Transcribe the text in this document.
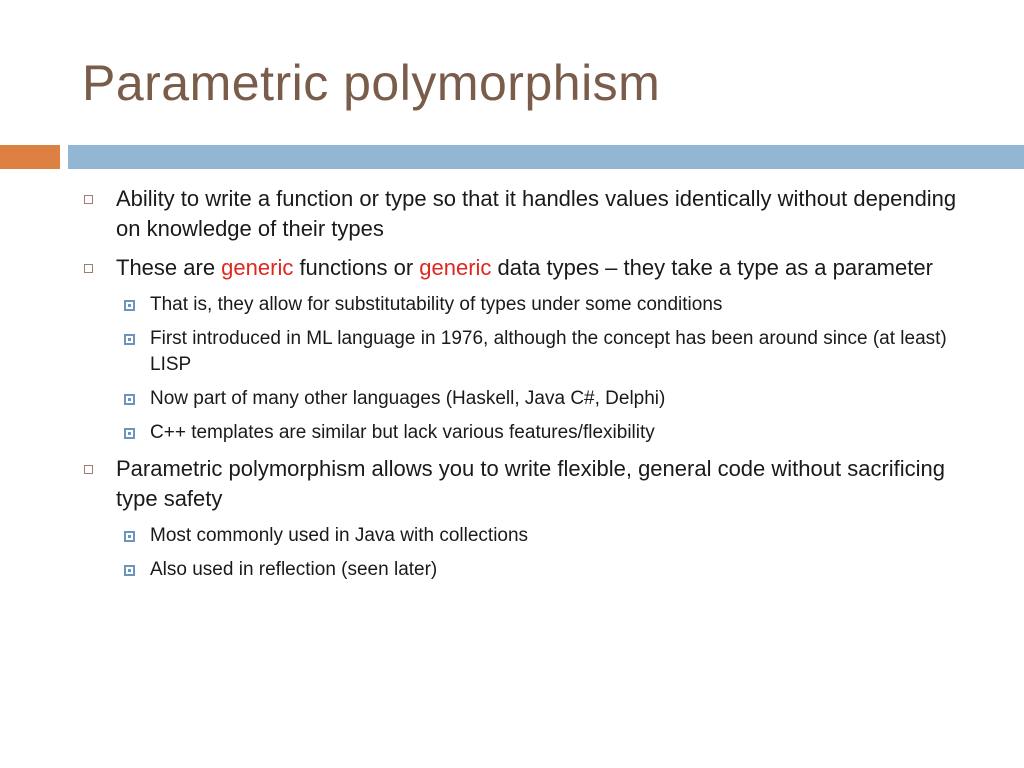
Parametric polymorphism
Ability to write a function or type so that it handles values identically without depending on knowledge of their types
These are generic functions or generic data types – they take a type as a parameter
That is, they allow for substitutability of types under some conditions
First introduced in ML language in 1976, although the concept has been around since (at least) LISP
Now part of many other languages (Haskell, Java C#, Delphi)
C++ templates are similar but lack various features/flexibility
Parametric polymorphism allows you to write flexible, general code without sacrificing type safety
Most commonly used in Java with collections
Also used in reflection (seen later)
